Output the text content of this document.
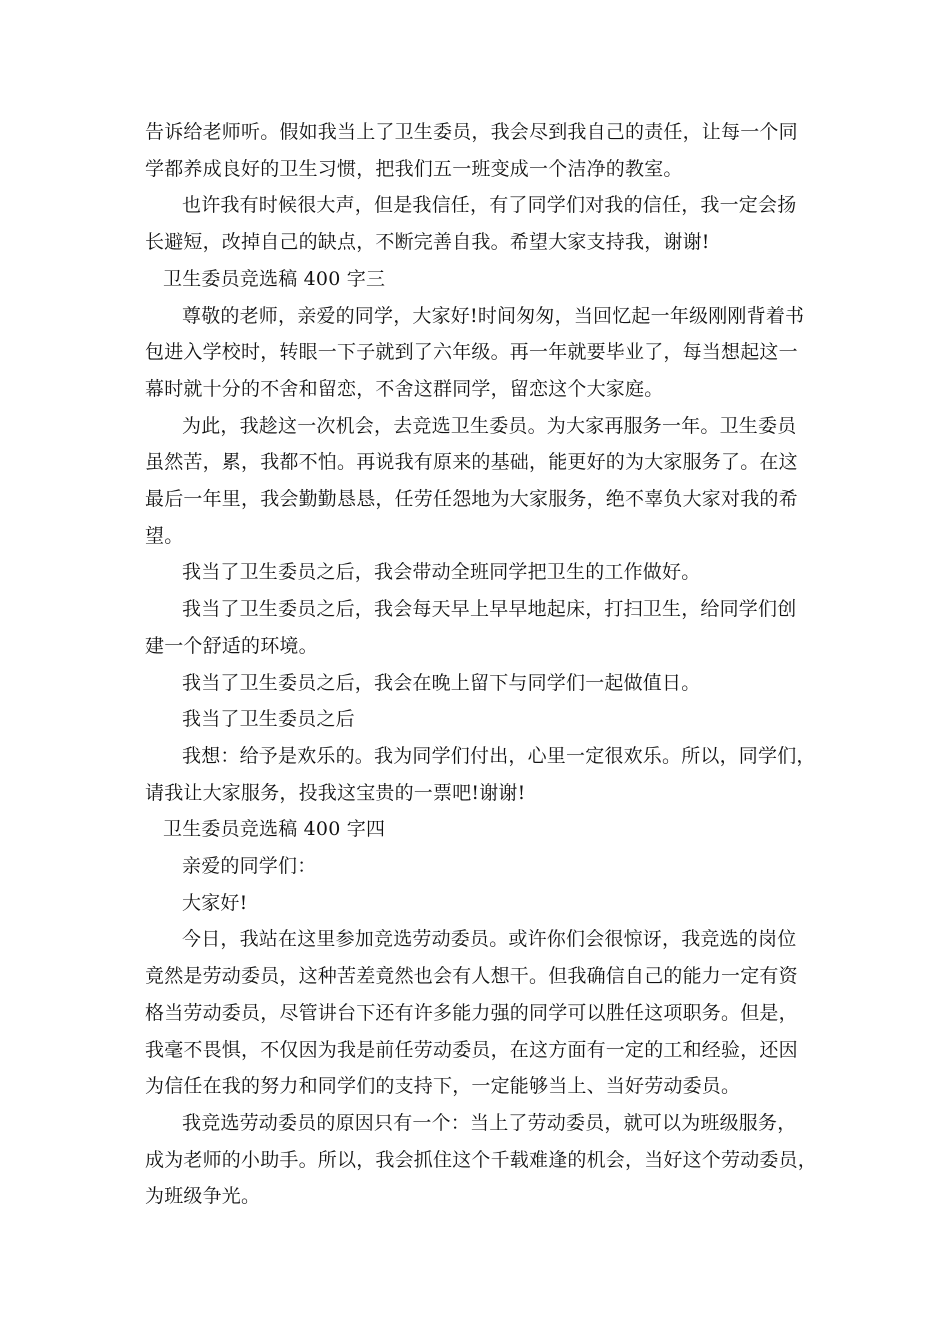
告诉给老师听。假如我当上了卫生委员，我会尽到我自己的责任，让每一个同
学都养成良好的卫生习惯，把我们五一班变成一个洁净的教室。
也许我有时候很大声，但是我信任，有了同学们对我的信任，我一定会扬
长避短，改掉自己的缺点，不断完善自我。希望大家支持我，谢谢!
卫生委员竞选稿 400 字三
尊敬的老师，亲爱的同学，大家好!时间匆匆，当回忆起一年级刚刚背着书
包进入学校时，转眼一下子就到了六年级。再一年就要毕业了，每当想起这一
幕时就十分的不舍和留恋，不舍这群同学，留恋这个大家庭。
为此，我趁这一次机会，去竞选卫生委员。为大家再服务一年。卫生委员
虽然苦，累，我都不怕。再说我有原来的基础，能更好的为大家服务了。在这
最后一年里，我会勤勤恳恳，任劳任怨地为大家服务，绝不辜负大家对我的希
望。
我当了卫生委员之后，我会带动全班同学把卫生的工作做好。
我当了卫生委员之后，我会每天早上早早地起床，打扫卫生，给同学们创
建一个舒适的环境。
我当了卫生委员之后，我会在晚上留下与同学们一起做值日。
我当了卫生委员之后
我想：给予是欢乐的。我为同学们付出，心里一定很欢乐。所以，同学们，
请我让大家服务，投我这宝贵的一票吧!谢谢!
卫生委员竞选稿 400 字四
亲爱的同学们：
大家好!
今日，我站在这里参加竞选劳动委员。或许你们会很惊讶，我竞选的岗位
竟然是劳动委员，这种苦差竟然也会有人想干。但我确信自己的能力一定有资
格当劳动委员，尽管讲台下还有许多能力强的同学可以胜任这项职务。但是，
我毫不畏惧，不仅因为我是前任劳动委员，在这方面有一定的工和经验，还因
为信任在我的努力和同学们的支持下，一定能够当上、当好劳动委员。
我竞选劳动委员的原因只有一个：当上了劳动委员，就可以为班级服务，
成为老师的小助手。所以，我会抓住这个千载难逢的机会，当好这个劳动委员，
为班级争光。
